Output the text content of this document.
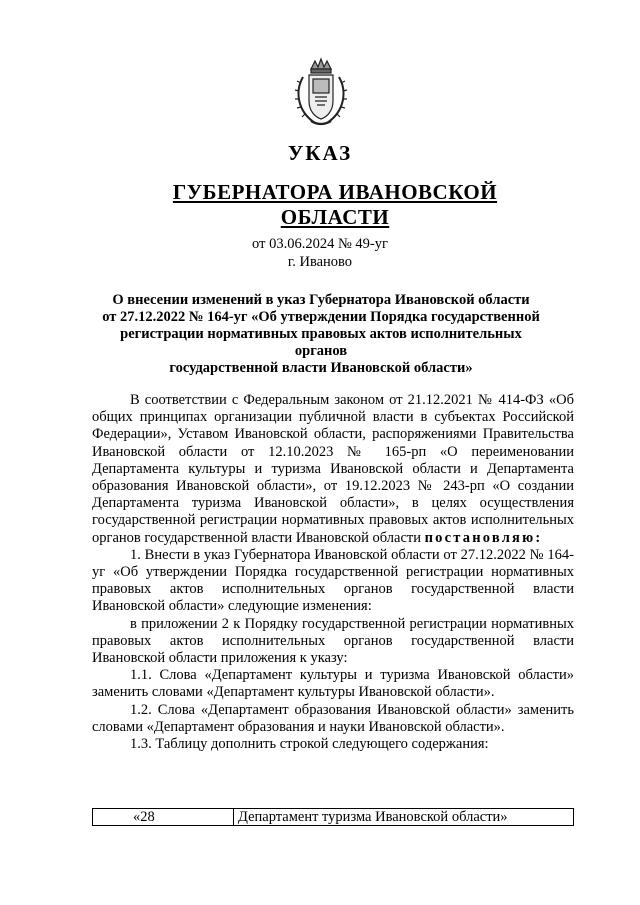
УКАЗ
ГУБЕРНАТОРА ИВАНОВСКОЙ ОБЛАСТИ
от 03.06.2024 № 49-уг
г. Иваново
О внесении изменений в указ Губернатора Ивановской области
от 27.12.2022 № 164-уг «Об утверждении Порядка государственной
регистрации нормативных правовых актов исполнительных органов
государственной власти Ивановской области»

В соответствии с Федеральным законом от 21.12.2021 № 414-ФЗ «Об общих принципах организации публичной власти в субъектах Российской Федерации», Уставом Ивановской области, распоряжениями Правительства Ивановской области от 12.10.2023 № 165-рп «О переименовании Департамента культуры и туризма Ивановской области и Департамента образования Ивановской области», от 19.12.2023 № 243-рп «О создании Департамента туризма Ивановской области», в целях осуществления государственной регистрации нормативных правовых актов исполнительных органов государственной власти Ивановской области постановляю:

1. Внести в указ Губернатора Ивановской области от 27.12.2022 № 164-уг «Об утверждении Порядка государственной регистрации нормативных правовых актов исполнительных органов государственной власти Ивановской области» следующие изменения:

в приложении 2 к Порядку государственной регистрации нормативных правовых актов исполнительных органов государственной власти Ивановской области приложения к указу:

1.1. Слова «Департамент культуры и туризма Ивановской области» заменить словами «Департамент культуры Ивановской области».

1.2. Слова «Департамент образования Ивановской области» заменить словами «Департамент образования и науки Ивановской области».

1.3. Таблицу дополнить строкой следующего содержания:

«28	Департамент туризма Ивановской области»
